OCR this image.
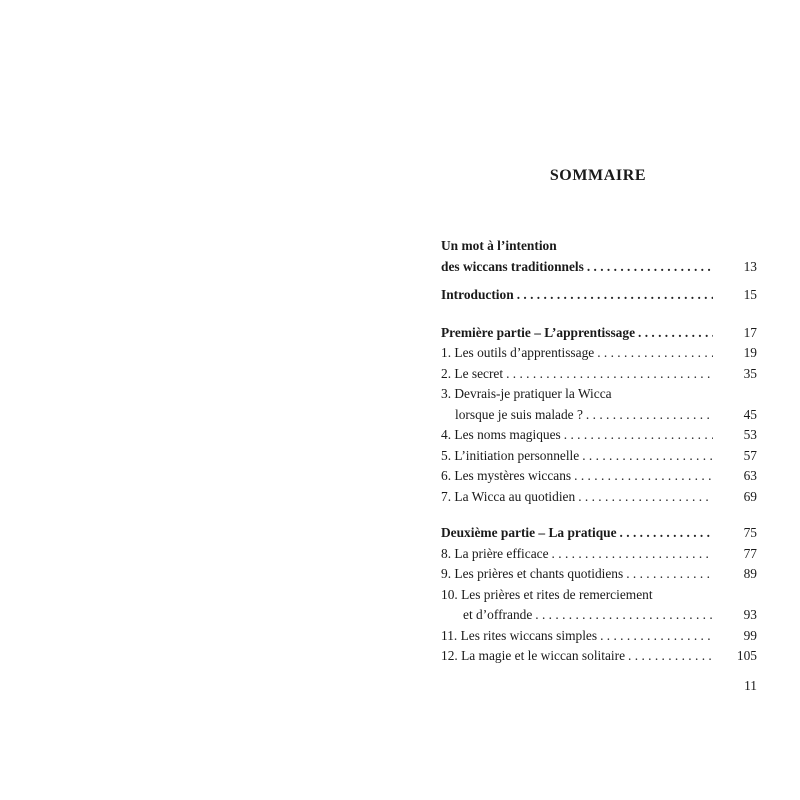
SOMMAIRE
Un mot à l’intention
des wiccans traditionnels . . .	13
Introduction . . .	15
Première partie – L’apprentissage . . .	17
1. Les outils d’apprentissage . . .	19
2. Le secret . . .	35
3. Devrais-je pratiquer la Wicca
lorsque je suis malade ? . . .	45
4. Les noms magiques . . .	53
5. L’initiation personnelle . . .	57
6. Les mystères wiccans . . .	63
7. La Wicca au quotidien . . .	69
Deuxième partie – La pratique . . .	75
8. La prière efficace . . .	77
9. Les prières et chants quotidiens . . .	89
10. Les prières et rites de remerciement
et d’offrande . . .	93
11. Les rites wiccans simples . . .	99
12. La magie et le wiccan solitaire . . .	105
11
